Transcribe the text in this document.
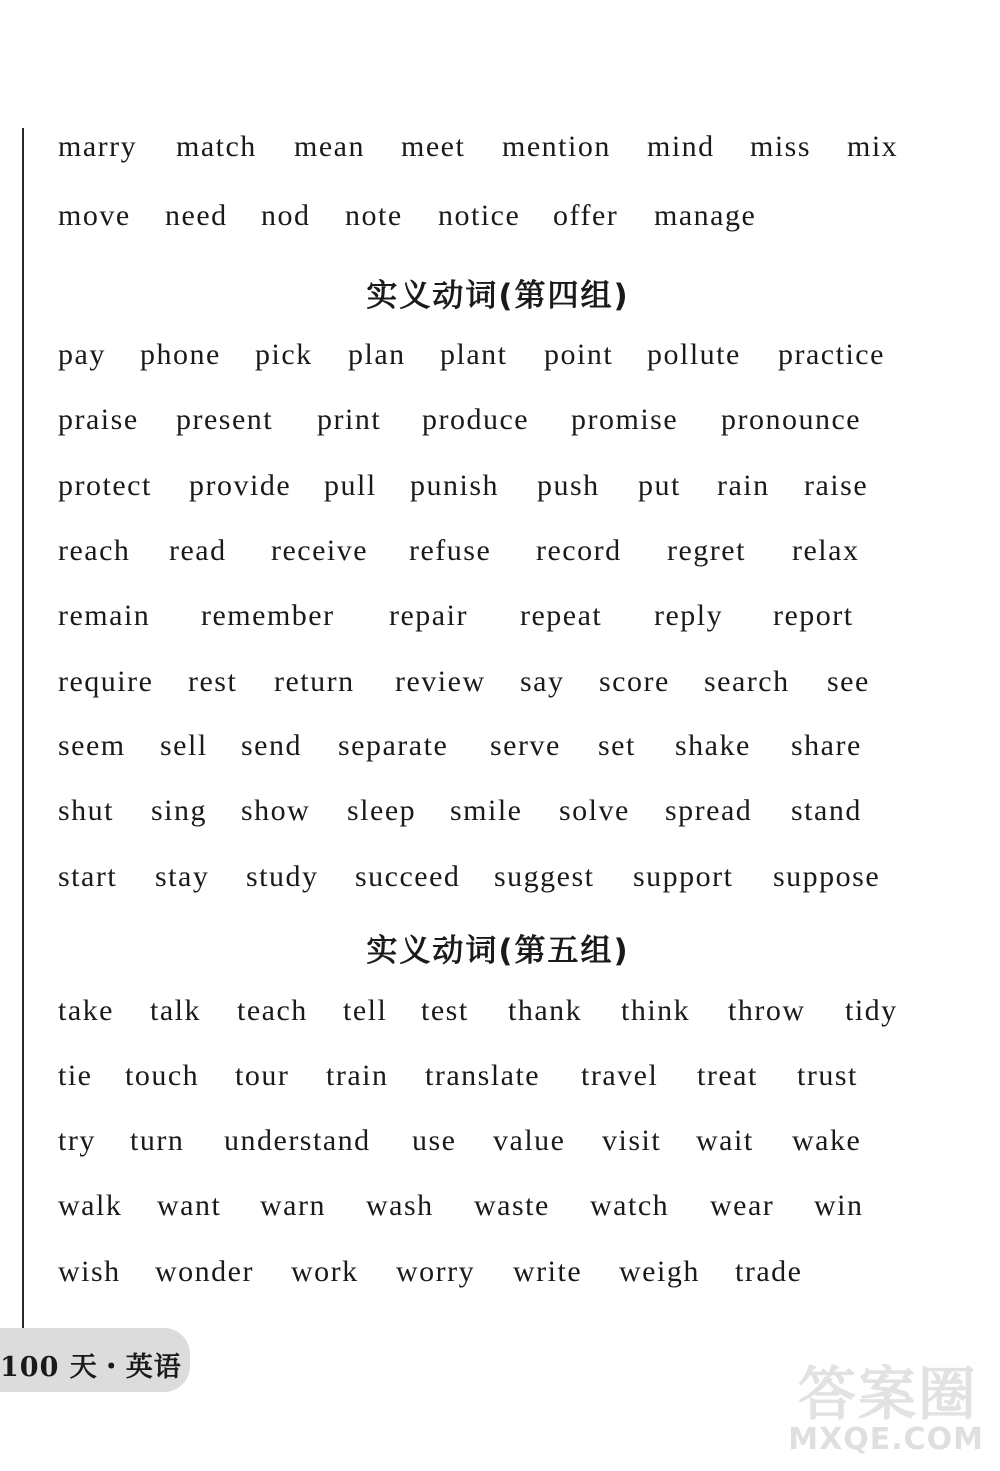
marry match mean meet mention mind miss mix
move need nod note notice offer manage
实义动词(第四组)
pay phone pick plan plant point pollute practice
praise present print produce promise pronounce
protect provide pull punish push put rain raise
reach read receive refuse record regret relax
remain remember repair repeat reply report
require rest return review say score search see
seem sell send separate serve set shake share
shut sing show sleep smile solve spread stand
start stay study succeed suggest support suppose
实义动词(第五组)
take talk teach tell test thank think throw tidy
tie touch tour train translate travel treat trust
try turn understand use value visit wait wake
walk want warn wash waste watch wear win
wish wonder work worry write weigh trade
100 天・英语	答案圈
MXQE.COM
